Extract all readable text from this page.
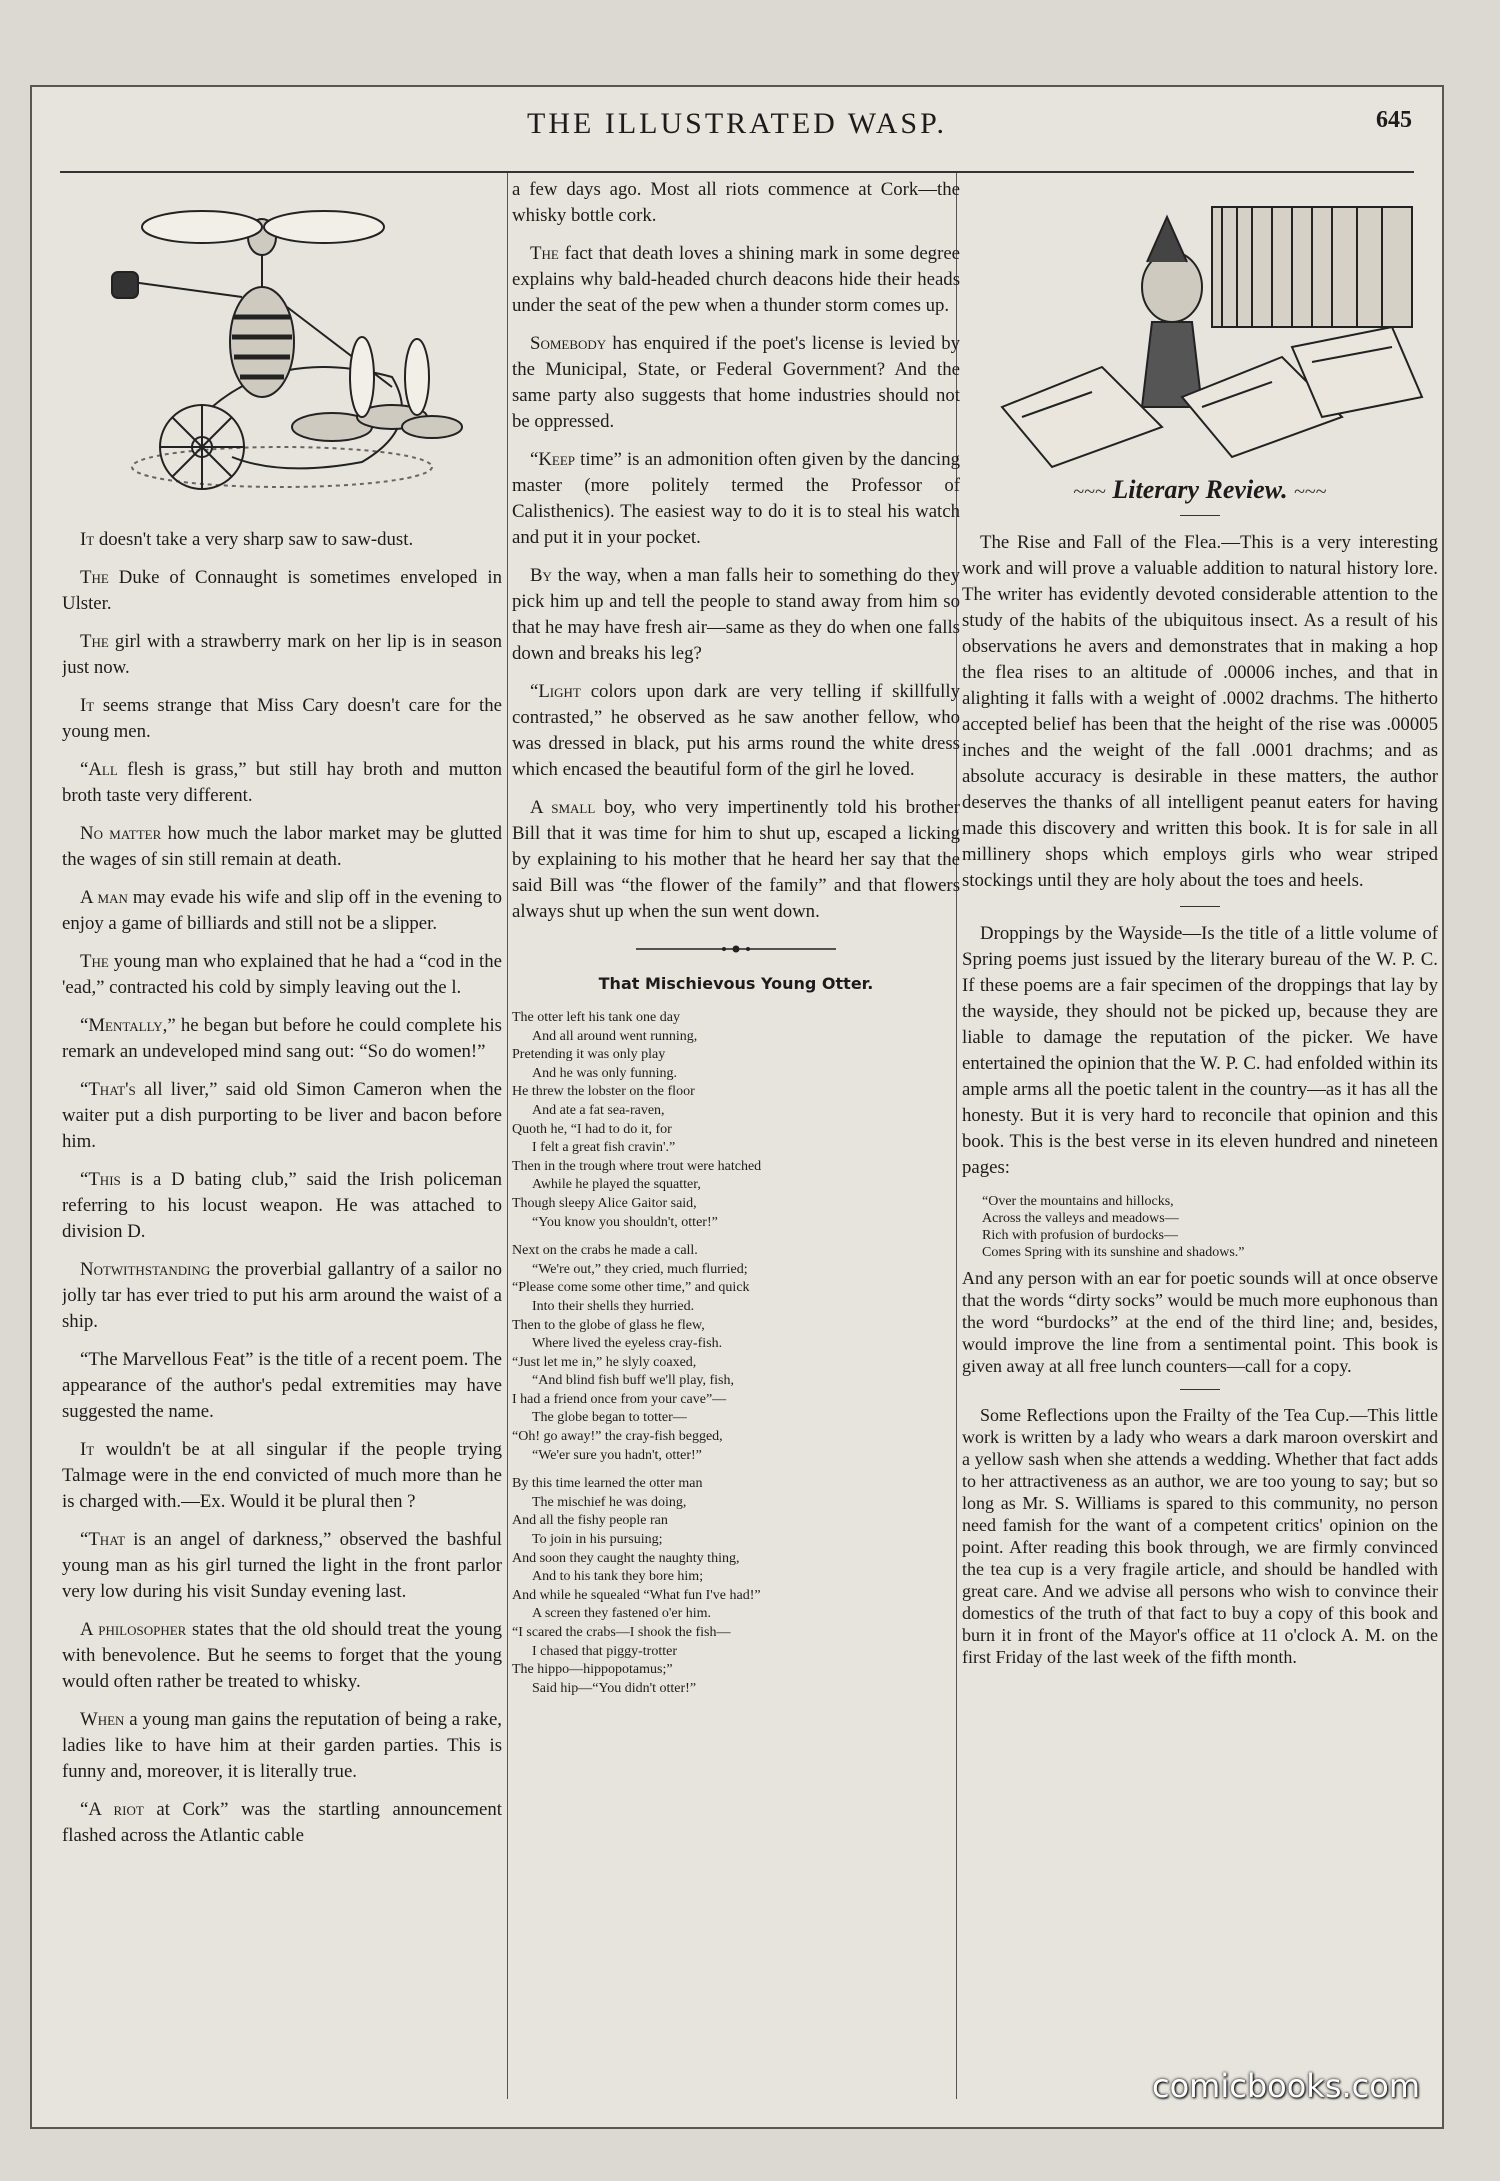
THE ILLUSTRATED WASP.	645

It doesn't take a very sharp saw to saw-dust.

The Duke of Connaught is sometimes enveloped in Ulster.

The girl with a strawberry mark on her lip is in season just now.

It seems strange that Miss Cary doesn't care for the young men.

“All flesh is grass,” but still hay broth and mutton broth taste very different.

No matter how much the labor market may be glutted the wages of sin still remain at death.

A man may evade his wife and slip off in the evening to enjoy a game of billiards and still not be a slipper.

The young man who explained that he had a “cod in the 'ead,” contracted his cold by simply leaving out the l.

“Mentally,” he began but before he could complete his remark an undeveloped mind sang out: “So do women!”

“That's all liver,” said old Simon Cameron when the waiter put a dish purporting to be liver and bacon before him.

“This is a D bating club,” said the Irish policeman referring to his locust weapon. He was attached to division D.

Notwithstanding the proverbial gallantry of a sailor no jolly tar has ever tried to put his arm around the waist of a ship.

“The Marvellous Feat” is the title of a recent poem. The appearance of the author's pedal extremities may have suggested the name.

It wouldn't be at all singular if the people trying Talmage were in the end convicted of much more than he is charged with.—Ex. Would it be plural then ?

“That is an angel of darkness,” observed the bashful young man as his girl turned the light in the front parlor very low during his visit Sunday evening last.

A philosopher states that the old should treat the young with benevolence. But he seems to forget that the young would often rather be treated to whisky.

When a young man gains the reputation of being a rake, ladies like to have him at their garden parties. This is funny and, moreover, it is literally true.

“A riot at Cork” was the startling announcement flashed across the Atlantic cable

a few days ago. Most all riots commence at Cork—the whisky bottle cork.

The fact that death loves a shining mark in some degree explains why bald-headed church deacons hide their heads under the seat of the pew when a thunder storm comes up.

Somebody has enquired if the poet's license is levied by the Municipal, State, or Federal Government? And the same party also suggests that home industries should not be oppressed.

“Keep time” is an admonition often given by the dancing master (more politely termed the Professor of Calisthenics). The easiest way to do it is to steal his watch and put it in your pocket.

By the way, when a man falls heir to something do they pick him up and tell the people to stand away from him so that he may have fresh air—same as they do when one falls down and breaks his leg?

“Light colors upon dark are very telling if skillfully contrasted,” he observed as he saw another fellow, who was dressed in black, put his arms round the white dress which encased the beautiful form of the girl he loved.

A small boy, who very impertinently told his brother Bill that it was time for him to shut up, escaped a licking by explaining to his mother that he heard her say that the said Bill was “the flower of the family” and that flowers always shut up when the sun went down.

That Mischievous Young Otter.
The otter left his tank one day
And all around went running,
Pretending it was only play
And he was only funning.
He threw the lobster on the floor
And ate a fat sea-raven,
Quoth he, “I had to do it, for
I felt a great fish cravin'.”
Then in the trough where trout were hatched
Awhile he played the squatter,
Though sleepy Alice Gaitor said,
“You know you shouldn't, otter!”
Next on the crabs he made a call.
“We're out,” they cried, much flurried;
“Please come some other time,” and quick
Into their shells they hurried.
Then to the globe of glass he flew,
Where lived the eyeless cray-fish.
“Just let me in,” he slyly coaxed,
“And blind fish buff we'll play, fish,
I had a friend once from your cave”—
The globe began to totter—
“Oh! go away!” the cray-fish begged,
“We'er sure you hadn't, otter!”
By this time learned the otter man
The mischief he was doing,
And all the fishy people ran
To join in his pursuing;
And soon they caught the naughty thing,
And to his tank they bore him;
And while he squealed “What fun I've had!”
A screen they fastened o'er him.
“I scared the crabs—I shook the fish—
I chased that piggy-trotter
The hippo—hippopotamus;”
Said hip—“You didn't otter!”
~~~ Literary Review. ~~~

The Rise and Fall of the Flea.—This is a very interesting work and will prove a valuable addition to natural history lore. The writer has evidently devoted considerable attention to the study of the habits of the ubiquitous insect. As a result of his observations he avers and demonstrates that in making a hop the flea rises to an altitude of .00006 inches, and that in alighting it falls with a weight of .0002 drachms. The hitherto accepted belief has been that the height of the rise was .00005 inches and the weight of the fall .0001 drachms; and as absolute accuracy is desirable in these matters, the author deserves the thanks of all intelligent peanut eaters for having made this discovery and written this book. It is for sale in all millinery shops which employs girls who wear striped stockings until they are holy about the toes and heels.

Droppings by the Wayside—Is the title of a little volume of Spring poems just issued by the literary bureau of the W. P. C. If these poems are a fair specimen of the droppings that lay by the wayside, they should not be picked up, because they are liable to damage the reputation of the picker. We have entertained the opinion that the W. P. C. had enfolded within its ample arms all the poetic talent in the country—as it has all the honesty. But it is very hard to reconcile that opinion and this book. This is the best verse in its eleven hundred and nineteen pages:

“Over the mountains and hillocks,
Across the valleys and meadows—
Rich with profusion of burdocks—
Comes Spring with its sunshine and shadows.”

And any person with an ear for poetic sounds will at once observe that the words “dirty socks” would be much more euphonous than the word “burdocks” at the end of the third line; and, besides, would improve the line from a sentimental point. This book is given away at all free lunch counters—call for a copy.

Some Reflections upon the Frailty of the Tea Cup.—This little work is written by a lady who wears a dark maroon overskirt and a yellow sash when she attends a wedding. Whether that fact adds to her attractiveness as an author, we are too young to say; but so long as Mr. S. Williams is spared to this community, no person need famish for the want of a competent critics' opinion on the point. After reading this book through, we are firmly convinced the tea cup is a very fragile article, and should be handled with great care. And we advise all persons who wish to convince their domestics of the truth of that fact to buy a copy of this book and burn it in front of the Mayor's office at 11 o'clock A. M. on the first Friday of the last week of the fifth month.

comicbooks.com
